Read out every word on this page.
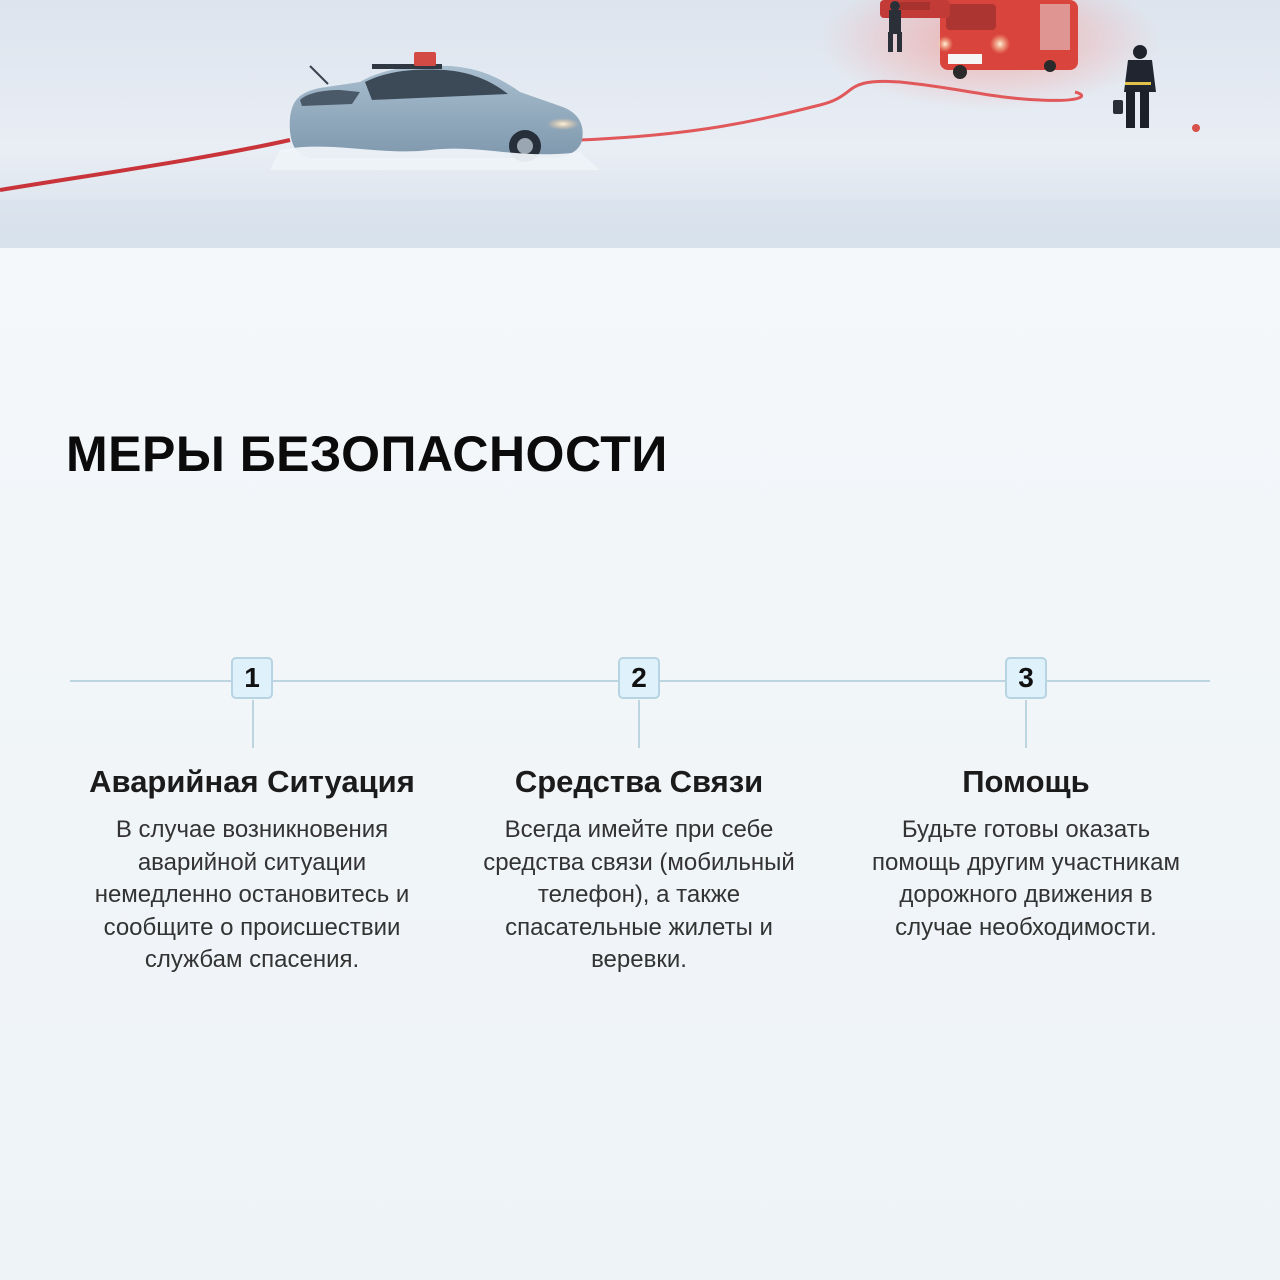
МЕРЫ БЕЗОПАСНОСТИ
1	2	3
Аварийная Ситуация

В случае возникновения аварийной ситуации немедленно остановитесь и сообщите о происшествии службам спасения.

Средства Связи

Всегда имейте при себе средства связи (мобильный телефон), а также спасательные жилеты и веревки.

Помощь

Будьте готовы оказать помощь другим участникам дорожного движения в случае необходимости.
